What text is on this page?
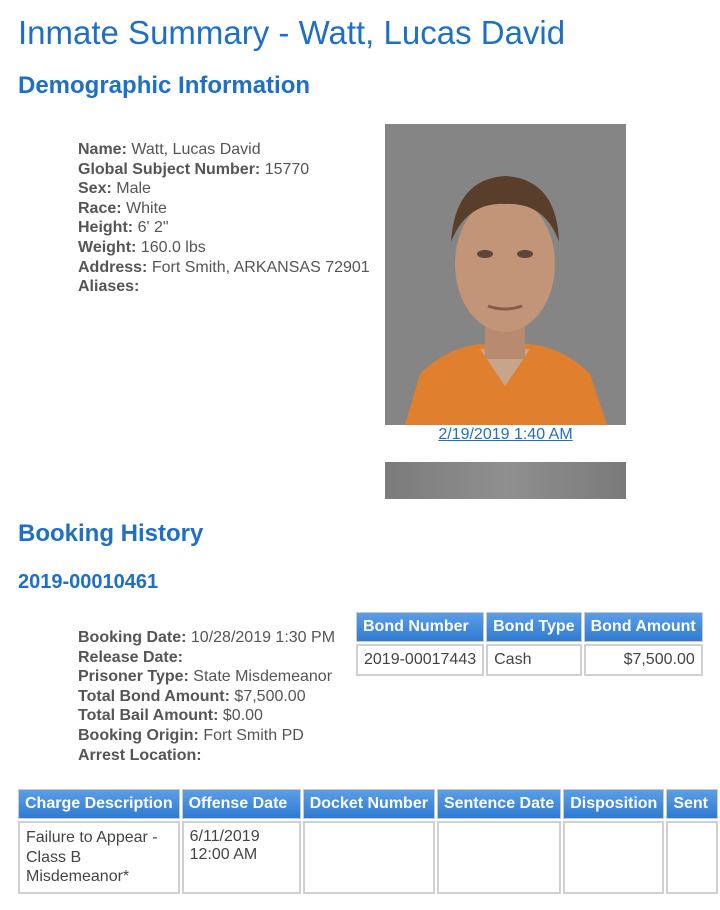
Inmate Summary - Watt, Lucas David
Demographic Information
Name: Watt, Lucas David
Global Subject Number: 15770
Sex: Male
Race: White
Height: 6' 2"
Weight: 160.0 lbs
Address: Fort Smith, ARKANSAS 72901
Aliases:
2/19/2019 1:40 AM
Booking History
2019-00010461
Booking Date: 10/28/2019 1:30 PM
Release Date:
Prisoner Type: State Misdemeanor
Total Bond Amount: $7,500.00
Total Bail Amount: $0.00
Booking Origin: Fort Smith PD
Arrest Location:
Bond Number	Bond Type	Bond Amount
2019-00017443	Cash	$7,500.00
Charge Description	Offense Date	Docket Number	Sentence Date	Disposition	Sent
Failure to Appear - Class B Misdemeanor*	6/11/2019 12:00 AM				
